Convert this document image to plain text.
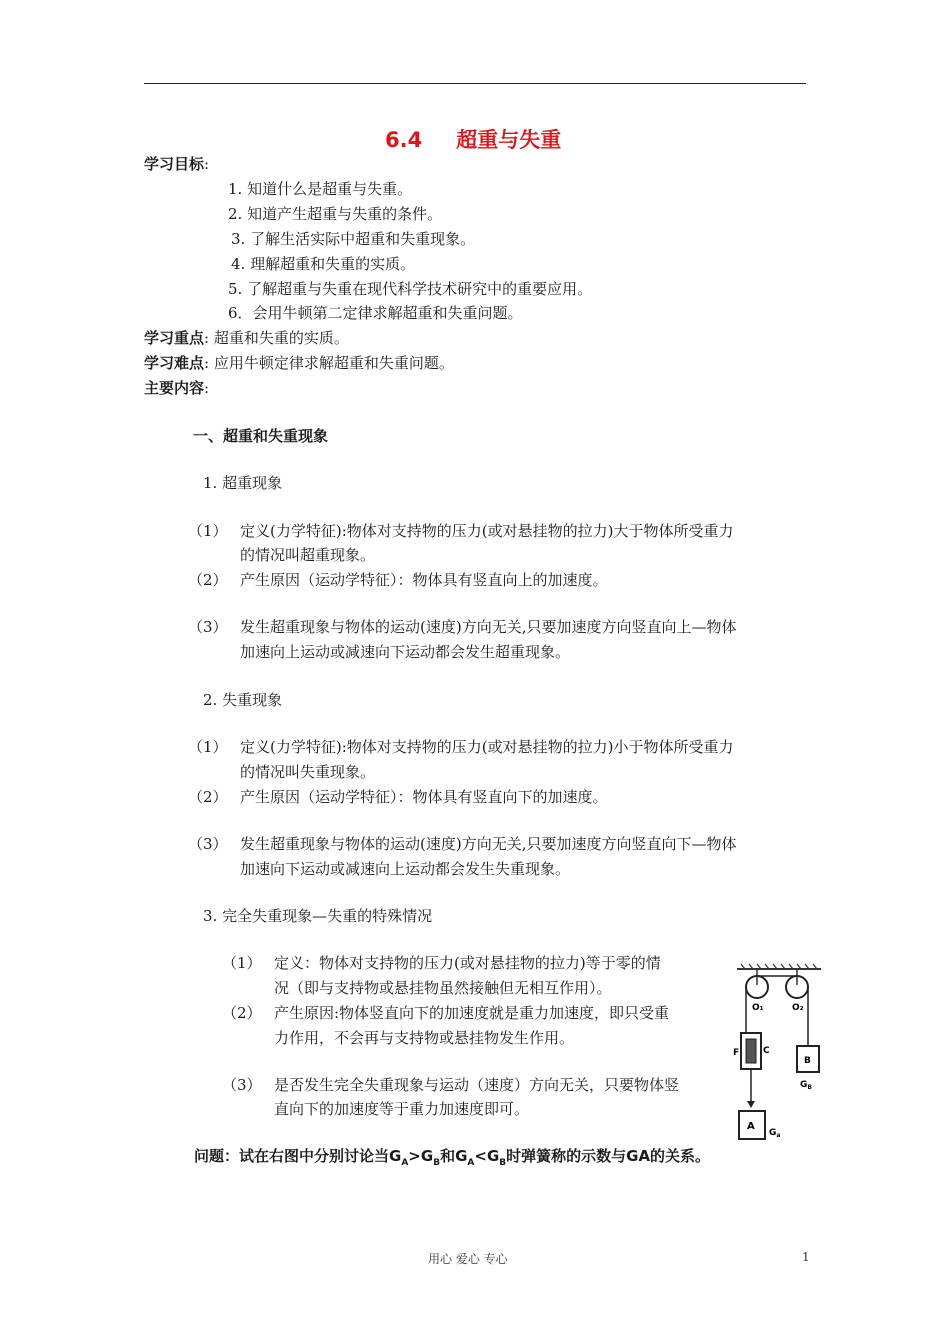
6.4 超重与失重
学习目标:
1. 知道什么是超重与失重。
2. 知道产生超重与失重的条件。
3. 了解生活实际中超重和失重现象。
4. 理解超重和失重的实质。
5. 了解超重与失重在现代科学技术研究中的重要应用。
6．会用牛顿第二定律求解超重和失重问题。
学习重点: 超重和失重的实质。
学习难点: 应用牛顿定律求解超重和失重问题。
主要内容:
一、超重和失重现象
1. 超重现象
（1） 定义(力学特征):物体对支持物的压力(或对悬挂物的拉力)大于物体所受重力
的情况叫超重现象。
（2） 产生原因（运动学特征）：物体具有竖直向上的加速度。
（3） 发生超重现象与物体的运动(速度)方向无关,只要加速度方向竖直向上—物体
加速向上运动或减速向下运动都会发生超重现象。
2. 失重现象
（1） 定义(力学特征):物体对支持物的压力(或对悬挂物的拉力)小于物体所受重力
的情况叫失重现象。
（2） 产生原因（运动学特征）：物体具有竖直向下的加速度。
（3） 发生超重现象与物体的运动(速度)方向无关,只要加速度方向竖直向下—物体
加速向下运动或减速向上运动都会发生失重现象。
3. 完全失重现象—失重的特殊情况
（1） 定义：物体对支持物的压力(或对悬挂物的拉力)等于零的情
况（即与支持物或悬挂物虽然接触但无相互作用）。
（2） 产生原因:物体竖直向下的加速度就是重力加速度，即只受重
力作用，不会再与支持物或悬挂物发生作用。
（3） 是否发生完全失重现象与运动（速度）方向无关，只要物体竖
直向下的加速度等于重力加速度即可。
问题：试在右图中分别讨论当$G_A>G_B$和$G_A<G_B$时弹簧称的示数与GA的关系。
O₁	O₂
F	C
B
$G_B$
A
$G_a$
用心 爱心 专心	1
